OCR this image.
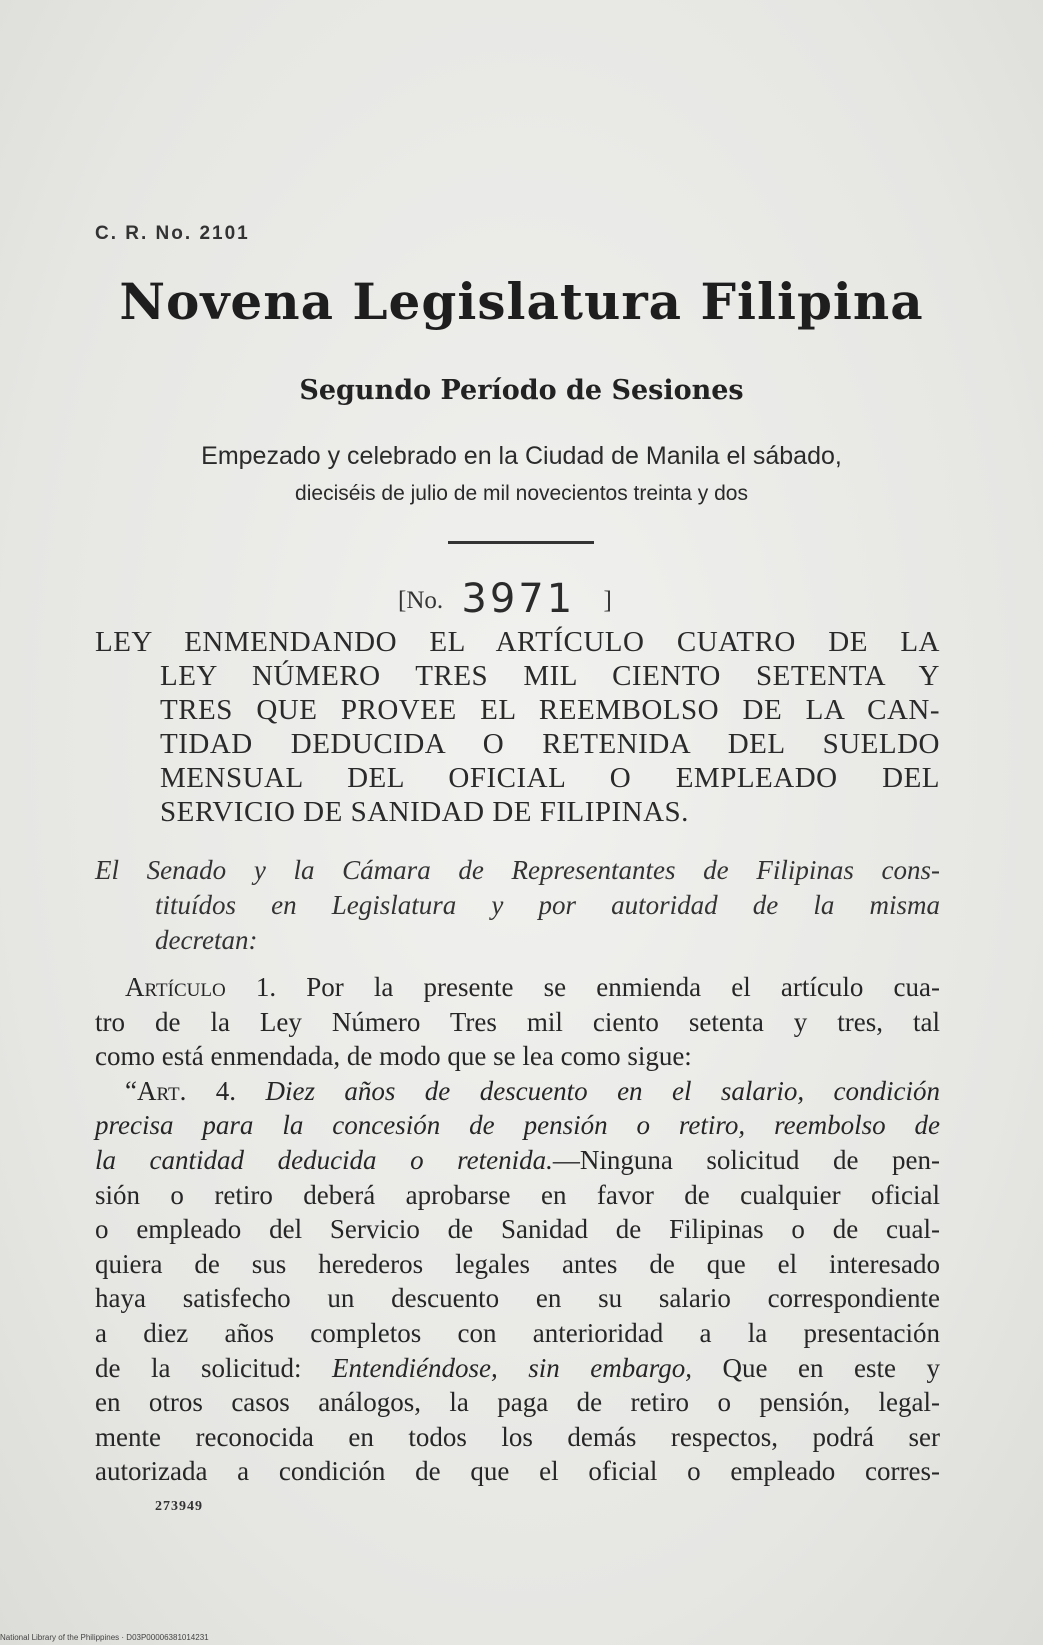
C. R. No. 2101
Novena Legislatura Filipina
Segundo Período de Sesiones
Empezado y celebrado en la Ciudad de Manila el sábado,
dieciséis de julio de mil novecientos treinta y dos
[No. 3971 ]
LEY ENMENDANDO EL ARTÍCULO CUATRO DE LA
LEY NÚMERO TRES MIL CIENTO SETENTA Y
TRES QUE PROVEE EL REEMBOLSO DE LA CAN-
TIDAD DEDUCIDA O RETENIDA DEL SUELDO
MENSUAL DEL OFICIAL O EMPLEADO DEL
SERVICIO DE SANIDAD DE FILIPINAS.
El Senado y la Cámara de Representantes de Filipinas cons-
tituídos en Legislatura y por autoridad de la misma
decretan:
Artículo 1. Por la presente se enmienda el artículo cua-
tro de la Ley Número Tres mil ciento setenta y tres, tal
como está enmendada, de modo que se lea como sigue:
“Art. 4. Diez años de descuento en el salario, condición
precisa para la concesión de pensión o retiro, reembolso de
la cantidad deducida o retenida.—Ninguna solicitud de pen-
sión o retiro deberá aprobarse en favor de cualquier oficial
o empleado del Servicio de Sanidad de Filipinas o de cual-
quiera de sus herederos legales antes de que el interesado
haya satisfecho un descuento en su salario correspondiente
a diez años completos con anterioridad a la presentación
de la solicitud: Entendiéndose, sin embargo, Que en este y
en otros casos análogos, la paga de retiro o pensión, legal-
mente reconocida en todos los demás respectos, podrá ser
autorizada a condición de que el oficial o empleado corres-
273949
National Library of the Philippines · D03P00006381014231
